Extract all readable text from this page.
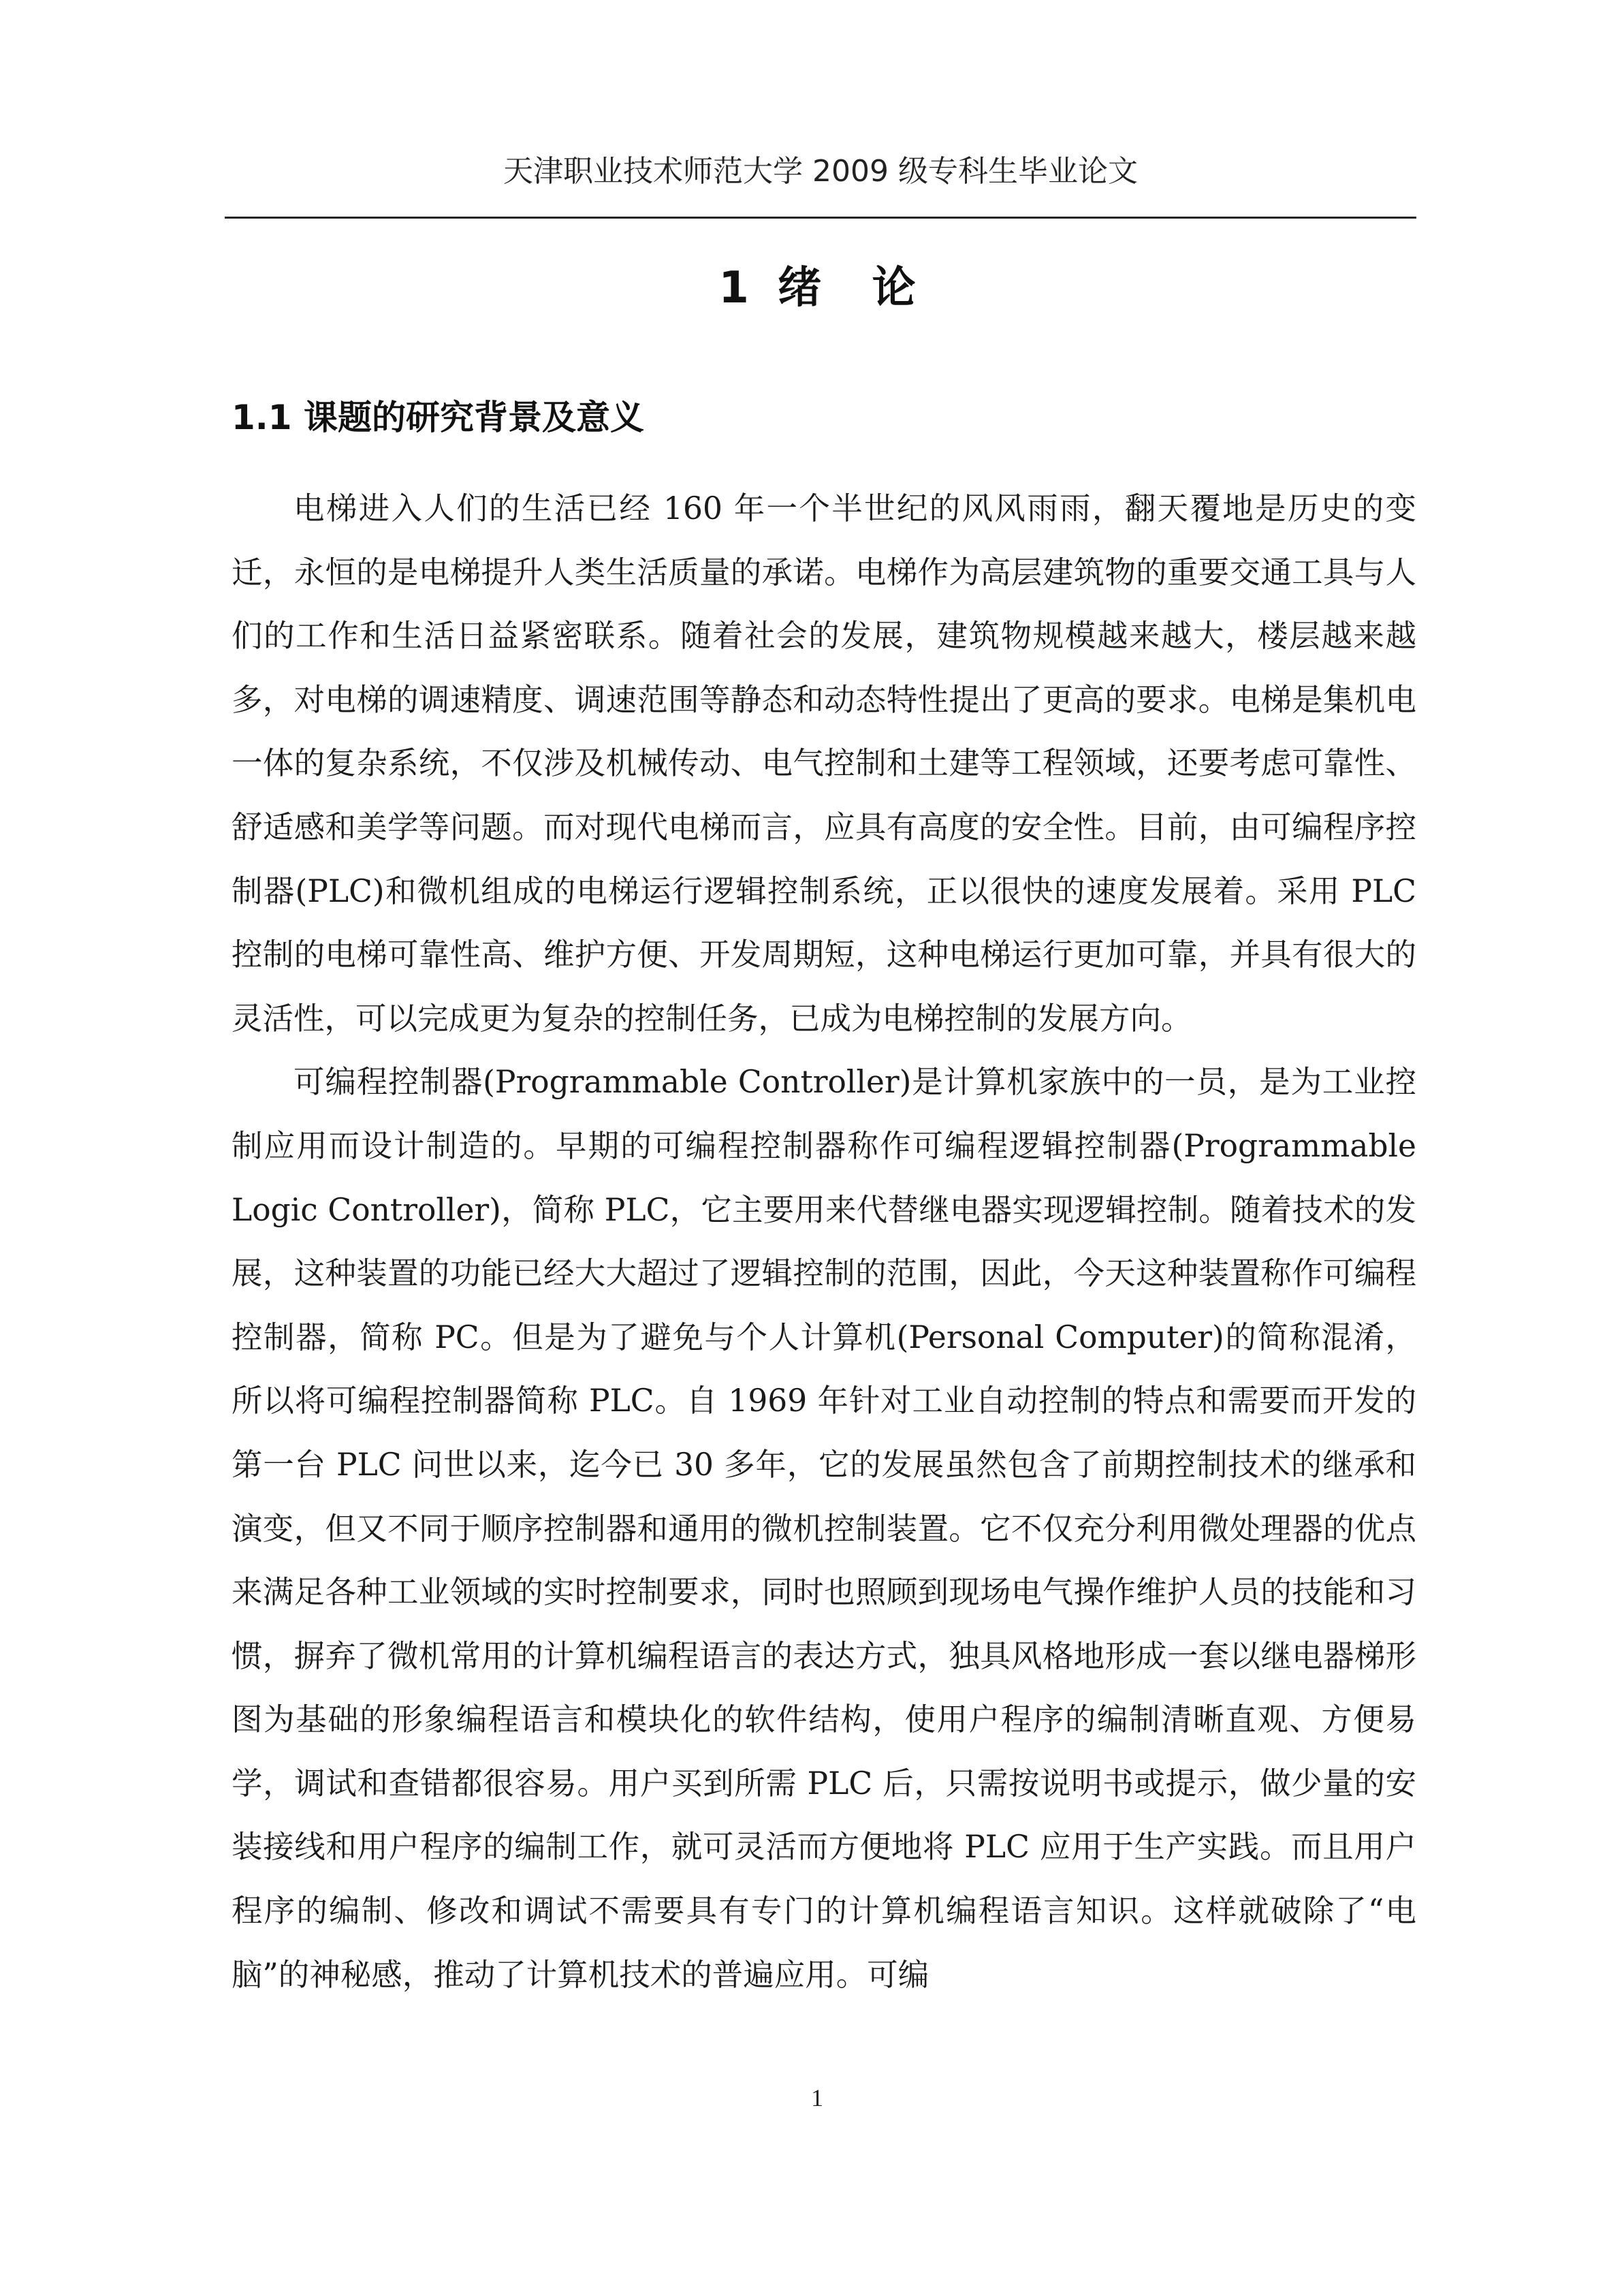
天津职业技术师范大学 2009 级专科生毕业论文
1 绪  论
1.1 课题的研究背景及意义

电梯进入人们的生活已经 160 年一个半世纪的风风雨雨，翻天覆地是历史的变迁，永恒的是电梯提升人类生活质量的承诺。电梯作为高层建筑物的重要交通工具与人们的工作和生活日益紧密联系。随着社会的发展，建筑物规模越来越大，楼层越来越多，对电梯的调速精度、调速范围等静态和动态特性提出了更高的要求。电梯是集机电一体的复杂系统，不仅涉及机械传动、电气控制和土建等工程领域，还要考虑可靠性、舒适感和美学等问题。而对现代电梯而言，应具有高度的安全性。目前，由可编程序控制器(PLC)和微机组成的电梯运行逻辑控制系统，正以很快的速度发展着。采用 PLC 控制的电梯可靠性高、维护方便、开发周期短，这种电梯运行更加可靠，并具有很大的灵活性，可以完成更为复杂的控制任务，已成为电梯控制的发展方向。

可编程控制器(Programmable Controller)是计算机家族中的一员，是为工业控制应用而设计制造的。早期的可编程控制器称作可编程逻辑控制器(Programmable Logic Controller)，简称 PLC，它主要用来代替继电器实现逻辑控制。随着技术的发展，这种装置的功能已经大大超过了逻辑控制的范围，因此，今天这种装置称作可编程控制器，简称 PC。但是为了避免与个人计算机(Personal Computer)的简称混淆，所以将可编程控制器简称 PLC。自 1969 年针对工业自动控制的特点和需要而开发的第一台 PLC 问世以来，迄今已 30 多年，它的发展虽然包含了前期控制技术的继承和演变，但又不同于顺序控制器和通用的微机控制装置。它不仅充分利用微处理器的优点来满足各种工业领域的实时控制要求，同时也照顾到现场电气操作维护人员的技能和习惯，摒弃了微机常用的计算机编程语言的表达方式，独具风格地形成一套以继电器梯形图为基础的形象编程语言和模块化的软件结构，使用户程序的编制清晰直观、方便易学，调试和查错都很容易。用户买到所需 PLC 后，只需按说明书或提示，做少量的安装接线和用户程序的编制工作，就可灵活而方便地将 PLC 应用于生产实践。而且用户程序的编制、修改和调试不需要具有专门的计算机编程语言知识。这样就破除了“电脑”的神秘感，推动了计算机技术的普遍应用。可编

1
